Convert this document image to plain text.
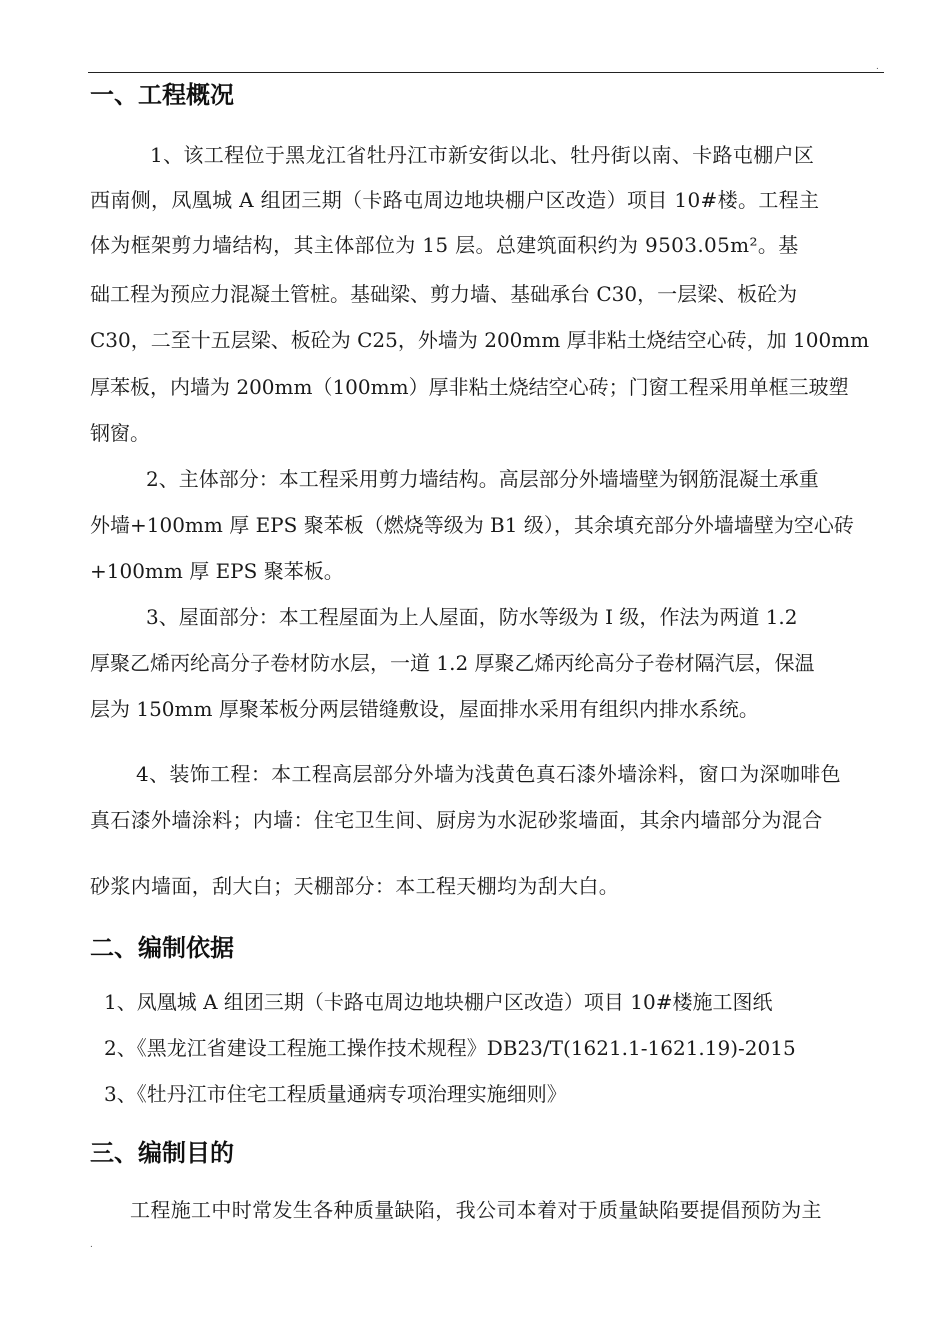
.
一、工程概况
1、该工程位于黑龙江省牡丹江市新安街以北、牡丹街以南、卡路屯棚户区
西南侧，凤凰城 A 组团三期（卡路屯周边地块棚户区改造）项目 10#楼。工程主
体为框架剪力墙结构，其主体部位为 15 层。总建筑面积约为 9503.05m²。基
础工程为预应力混凝土管桩。基础梁、剪力墙、基础承台 C30，一层梁、板砼为
C30，二至十五层梁、板砼为 C25，外墙为 200mm 厚非粘土烧结空心砖，加 100mm
厚苯板，内墙为 200mm（100mm）厚非粘土烧结空心砖；门窗工程采用单框三玻塑
钢窗。
2、主体部分：本工程采用剪力墙结构。高层部分外墙墙壁为钢筋混凝土承重
外墙+100mm 厚 EPS 聚苯板（燃烧等级为 B1 级），其余填充部分外墙墙壁为空心砖
+100mm 厚 EPS 聚苯板。
3、屋面部分：本工程屋面为上人屋面，防水等级为 Ⅰ 级，作法为两道 1.2
厚聚乙烯丙纶高分子卷材防水层，一道 1.2 厚聚乙烯丙纶高分子卷材隔汽层，保温
层为 150mm 厚聚苯板分两层错缝敷设，屋面排水采用有组织内排水系统。
4、装饰工程：本工程高层部分外墙为浅黄色真石漆外墙涂料，窗口为深咖啡色
真石漆外墙涂料；内墙：住宅卫生间、厨房为水泥砂浆墙面，其余内墙部分为混合
砂浆内墙面，刮大白；天棚部分：本工程天棚均为刮大白。
二、编制依据
1、凤凰城 A 组团三期（卡路屯周边地块棚户区改造）项目 10#楼施工图纸
2、《黑龙江省建设工程施工操作技术规程》DB23/T(1621.1-1621.19)-2015
3、《牡丹江市住宅工程质量通病专项治理实施细则》
三、编制目的
工程施工中时常发生各种质量缺陷，我公司本着对于质量缺陷要提倡预防为主
.
